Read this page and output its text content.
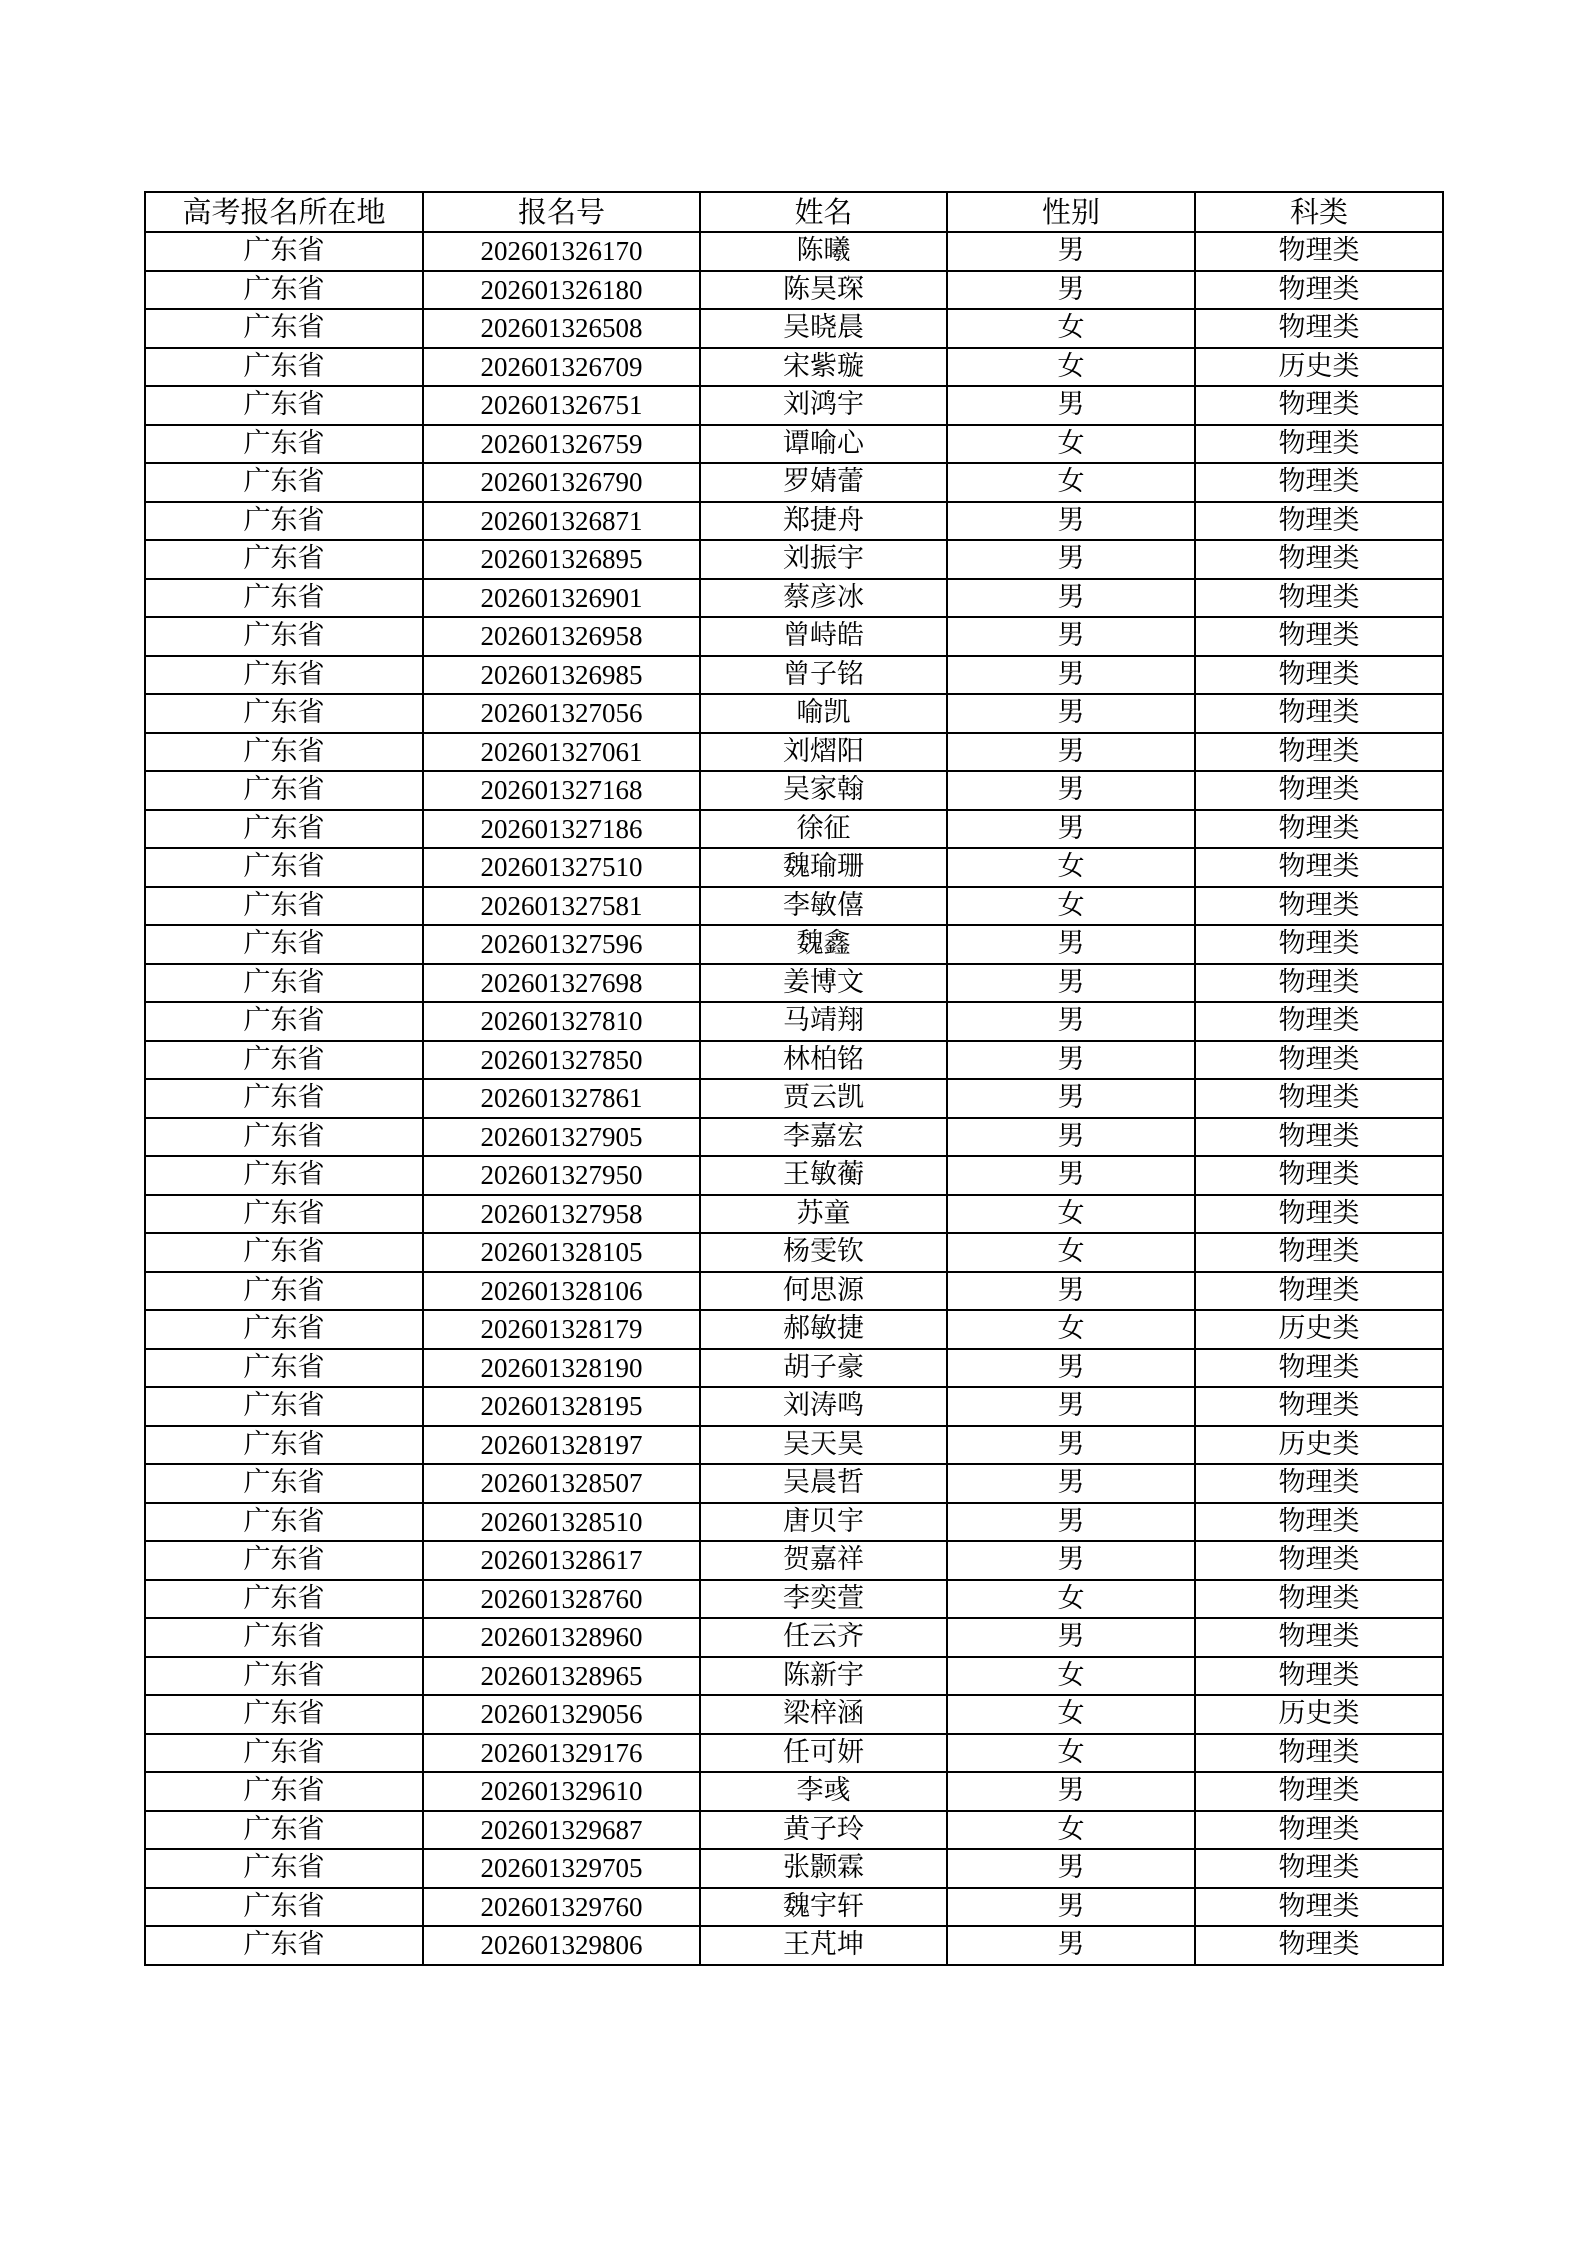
高考报名所在地	报名号	姓名	性别	科类
广东省	202601326170	陈曦	男	物理类
广东省	202601326180	陈昊琛	男	物理类
广东省	202601326508	吴晓晨	女	物理类
广东省	202601326709	宋紫璇	女	历史类
广东省	202601326751	刘鸿宇	男	物理类
广东省	202601326759	谭喻心	女	物理类
广东省	202601326790	罗婧蕾	女	物理类
广东省	202601326871	郑捷舟	男	物理类
广东省	202601326895	刘振宇	男	物理类
广东省	202601326901	蔡彦冰	男	物理类
广东省	202601326958	曾峙皓	男	物理类
广东省	202601326985	曾子铭	男	物理类
广东省	202601327056	喻凯	男	物理类
广东省	202601327061	刘熠阳	男	物理类
广东省	202601327168	吴家翰	男	物理类
广东省	202601327186	徐征	男	物理类
广东省	202601327510	魏瑜珊	女	物理类
广东省	202601327581	李敏僖	女	物理类
广东省	202601327596	魏鑫	男	物理类
广东省	202601327698	姜博文	男	物理类
广东省	202601327810	马靖翔	男	物理类
广东省	202601327850	林柏铭	男	物理类
广东省	202601327861	贾云凯	男	物理类
广东省	202601327905	李嘉宏	男	物理类
广东省	202601327950	王敏蘅	男	物理类
广东省	202601327958	苏童	女	物理类
广东省	202601328105	杨雯钦	女	物理类
广东省	202601328106	何思源	男	物理类
广东省	202601328179	郝敏捷	女	历史类
广东省	202601328190	胡子豪	男	物理类
广东省	202601328195	刘涛鸣	男	物理类
广东省	202601328197	吴天昊	男	历史类
广东省	202601328507	吴晨哲	男	物理类
广东省	202601328510	唐贝宇	男	物理类
广东省	202601328617	贺嘉祥	男	物理类
广东省	202601328760	李奕萱	女	物理类
广东省	202601328960	任云齐	男	物理类
广东省	202601328965	陈新宇	女	物理类
广东省	202601329056	梁梓涵	女	历史类
广东省	202601329176	任可妍	女	物理类
广东省	202601329610	李彧	男	物理类
广东省	202601329687	黄子玲	女	物理类
广东省	202601329705	张颢霖	男	物理类
广东省	202601329760	魏宇轩	男	物理类
广东省	202601329806	王芃坤	男	物理类
